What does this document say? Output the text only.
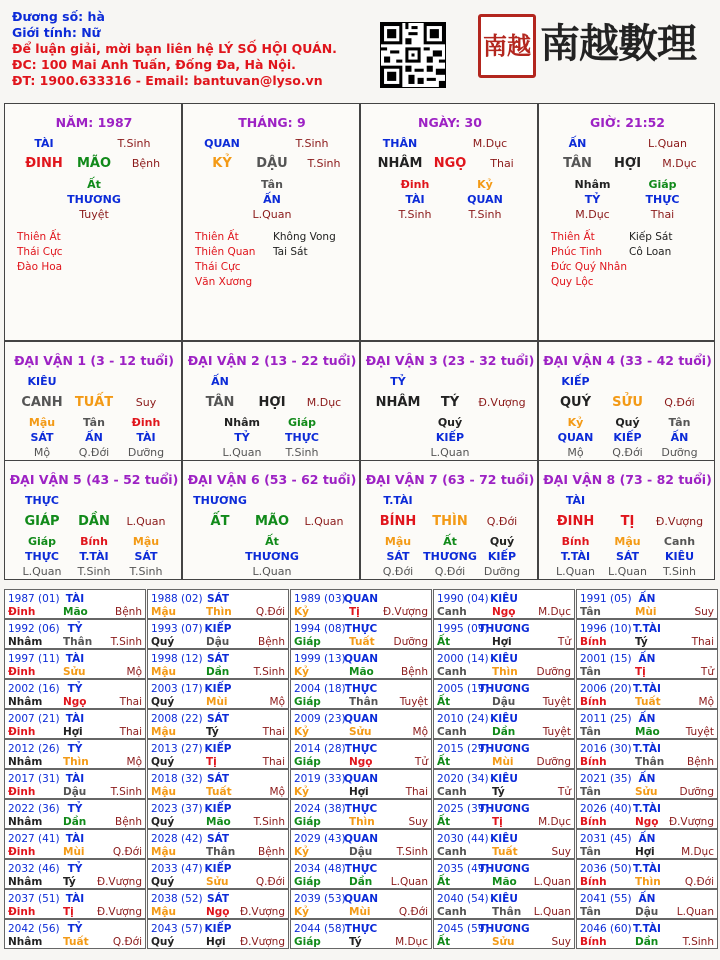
Đương số: hà
Giới tính: Nữ
Để luận giải, mời bạn liên hệ LÝ SỐ HỘI QUÁN.
ĐC: 100 Mai Anh Tuấn, Đống Đa, Hà Nội.
ĐT: 1900.633316 - Email: bantuvan@lyso.vn
南越 南越數理
NĂM: 1987
TÀI	T.Sinh
ĐINH MÃO Bệnh
Ất
THƯƠNG
Tuyệt
Thiên Ất
Thái Cực
Đào Hoa
THÁNG: 9
QUAN	T.Sinh
KỶ DẬU T.Sinh
Tân
ẤN
L.Quan
Thiên Ất
Thiên Quan
Thái Cực
Văn Xương
Không Vong
Tai Sát
NGÀY: 30
THÂN	M.Dục
NHÂM NGỌ Thai
Đinh
TÀI
T.Sinh
Kỷ
QUAN
T.Sinh
GIỜ: 21:52
ẤN	L.Quan
TÂN HỢI M.Dục
Nhâm
TỶ
M.Dục
Giáp
THỰC
Thai
Thiên Ất
Phúc Tinh
Đức Quý Nhân
Quy Lộc
Kiếp Sát
Cô Loan
ĐẠI VẬN 1 (3 - 12 tuổi)
KIÊU
CANH TUẤT Suy
Mậu
SÁT
Mộ
Tân
ẤN
Q.Đới
Đinh
TÀI
Dưỡng
ĐẠI VẬN 2 (13 - 22 tuổi)
ẤN
TÂN HỢI M.Dục
Nhâm
TỶ
L.Quan
Giáp
THỰC
T.Sinh
ĐẠI VẬN 3 (23 - 32 tuổi)
TỶ
NHÂM TÝ Đ.Vượng
Quý
KIẾP
L.Quan
ĐẠI VẬN 4 (33 - 42 tuổi)
KIẾP
QUÝ SỬU Q.Đới
Kỷ
QUAN
Mộ
Quý
KIẾP
Q.Đới
Tân
ẤN
Dưỡng
ĐẠI VẬN 5 (43 - 52 tuổi)
THỰC
GIÁP DẦN L.Quan
Giáp
THỰC
L.Quan
Bính
T.TÀI
T.Sinh
Mậu
SÁT
T.Sinh
ĐẠI VẬN 6 (53 - 62 tuổi)
THƯƠNG
ẤT MÃO L.Quan
Ất
THƯƠNG
L.Quan
ĐẠI VẬN 7 (63 - 72 tuổi)
T.TÀI
BÍNH THÌN Q.Đới
Mậu
SÁT
Q.Đới
Ất
THƯƠNG
Q.Đới
Quý
KIẾP
Dưỡng
ĐẠI VẬN 8 (73 - 82 tuổi)
TÀI
ĐINH TỊ Đ.Vượng
Bính
T.TÀI
L.Quan
Mậu
SÁT
L.Quan
Canh
KIÊU
T.Sinh
1987 (01) TÀI
Đinh	Mão	Bệnh
1988 (02) SÁT
Mậu	Thìn Q.Đới
1989 (03)
QUAN
Kỷ	Tị Đ.Vượng
1990 (04) KIÊU
Canh Ngọ M.Dục
1991 (05) ẤN
Tân	Mùi	Suy
1992 (06) TỶ
Nhâm Thân T.Sinh
1993 (07) KIẾP
Quý	Dậu	Bệnh
1994 (08) THỰC
Giáp	Tuất Dưỡng
1995 (09)
THƯƠNG
Ất	Hợi	Tử
1996 (10) T.TÀI
Bính	Tý	Thai
1997 (11) TÀI
Đinh	Sửu	Mộ
1998 (12) SÁT
Mậu	Dần T.Sinh
1999 (13)
QUAN
Kỷ	Mão	Bệnh
2000 (14) KIÊU
Canh Thìn Dưỡng
2001 (15) ẤN
Tân	Tị	Tử
2002 (16) TỶ
Nhâm Ngọ	Thai
2003 (17) KIẾP
Quý	Mùi	Mộ
2004 (18) THỰC
Giáp	Thân Tuyệt
2005 (19)
THƯƠNG
Ất	Dậu	Tuyệt
2006 (20) T.TÀI
Bính	Tuất	Mộ
2007 (21) TÀI
Đinh	Hợi	Thai
2008 (22) SÁT
Mậu	Tý	Thai
2009 (23)
QUAN
Kỷ	Sửu	Mộ
2010 (24) KIÊU
Canh Dần	Tuyệt
2011 (25) ẤN
Tân	Mão Tuyệt
2012 (26) TỶ
Nhâm Thìn	Mộ
2013 (27) KIẾP
Quý	Tị	Thai
2014 (28) THỰC
Giáp	Ngọ	Tử
2015 (29)
THƯƠNG
Ất	Mùi Dưỡng
2016 (30) T.TÀI
Bính	Thân Bệnh
2017 (31) TÀI
Đinh	Dậu T.Sinh
2018 (32) SÁT
Mậu	Tuất	Mộ
2019 (33)
QUAN
Kỷ	Hợi	Thai
2020 (34) KIÊU
Canh Tý	Tử
2021 (35) ẤN
Tân	Sửu Dưỡng
2022 (36) TỶ
Nhâm Dần	Bệnh
2023 (37) KIẾP
Quý	Mão T.Sinh
2024 (38) THỰC
Giáp	Thìn	Suy
2025 (39)
THƯƠNG
Ất	Tị	M.Dục
2026 (40) T.TÀI
Bính	Ngọ Đ.Vượng
2027 (41) TÀI
Đinh	Mùi	Q.Đới
2028 (42) SÁT
Mậu	Thân Bệnh
2029 (43)
QUAN
Kỷ	Dậu T.Sinh
2030 (44) KIÊU
Canh Tuất	Suy
2031 (45) ẤN
Tân	Hợi	M.Dục
2032 (46) TỶ
Nhâm Tý Đ.Vượng
2033 (47) KIẾP
Quý	Sửu	Q.Đới
2034 (48) THỰC
Giáp	Dần L.Quan
2035 (49)
THƯƠNG
Ất	Mão L.Quan
2036 (50) T.TÀI
Bính	Thìn Q.Đới
2037 (51) TÀI
Đinh	Tị Đ.Vượng
2038 (52) SÁT
Mậu	Ngọ Đ.Vượng
2039 (53)
QUAN
Kỷ	Mùi	Q.Đới
2040 (54) KIÊU
Canh Thân L.Quan
2041 (55) ẤN
Tân	Dậu L.Quan
2042 (56) TỶ
Nhâm Tuất Q.Đới
2043 (57) KIẾP
Quý	Hợi Đ.Vượng
2044 (58) THỰC
Giáp	Tý	M.Dục
2045 (59)
THƯƠNG
Ất	Sửu	Suy
2046 (60) T.TÀI
Bính	Dần T.Sinh
